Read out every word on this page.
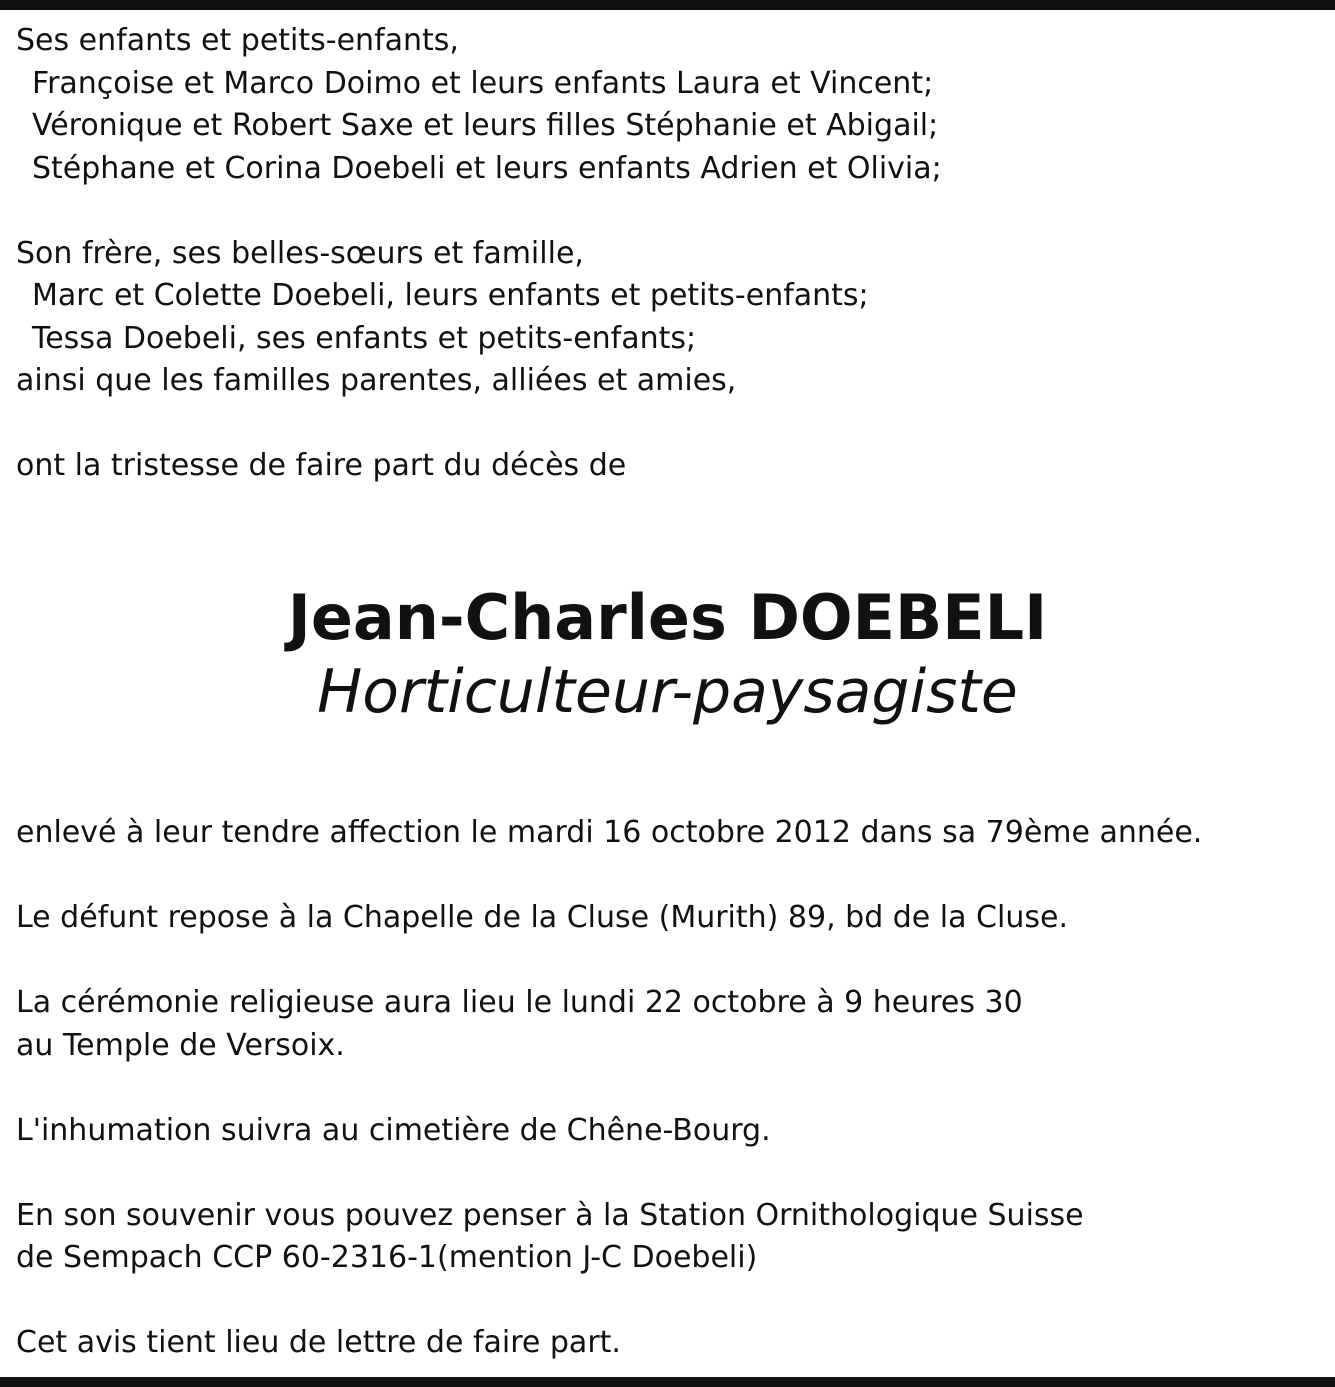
Ses enfants et petits-enfants,

Françoise et Marco Doimo et leurs enfants Laura et Vincent;

Véronique et Robert Saxe et leurs filles Stéphanie et Abigail;

Stéphane et Corina Doebeli et leurs enfants Adrien et Olivia;

Son frère, ses belles-sœurs et famille,

Marc et Colette Doebeli, leurs enfants et petits-enfants;

Tessa Doebeli, ses enfants et petits-enfants;

ainsi que les familles parentes, alliées et amies,

ont la tristesse de faire part du décès de

Jean-Charles DOEBELI

Horticulteur-paysagiste

enlevé à leur tendre affection le mardi 16 octobre 2012 dans sa 79ème année.

Le défunt repose à la Chapelle de la Cluse (Murith) 89, bd de la Cluse.

La cérémonie religieuse aura lieu le lundi 22 octobre à 9 heures 30

au Temple de Versoix.

L'inhumation suivra au cimetière de Chêne-Bourg.

En son souvenir vous pouvez penser à la Station Ornithologique Suisse

de Sempach CCP 60-2316-1(mention J-C Doebeli)

Cet avis tient lieu de lettre de faire part.
